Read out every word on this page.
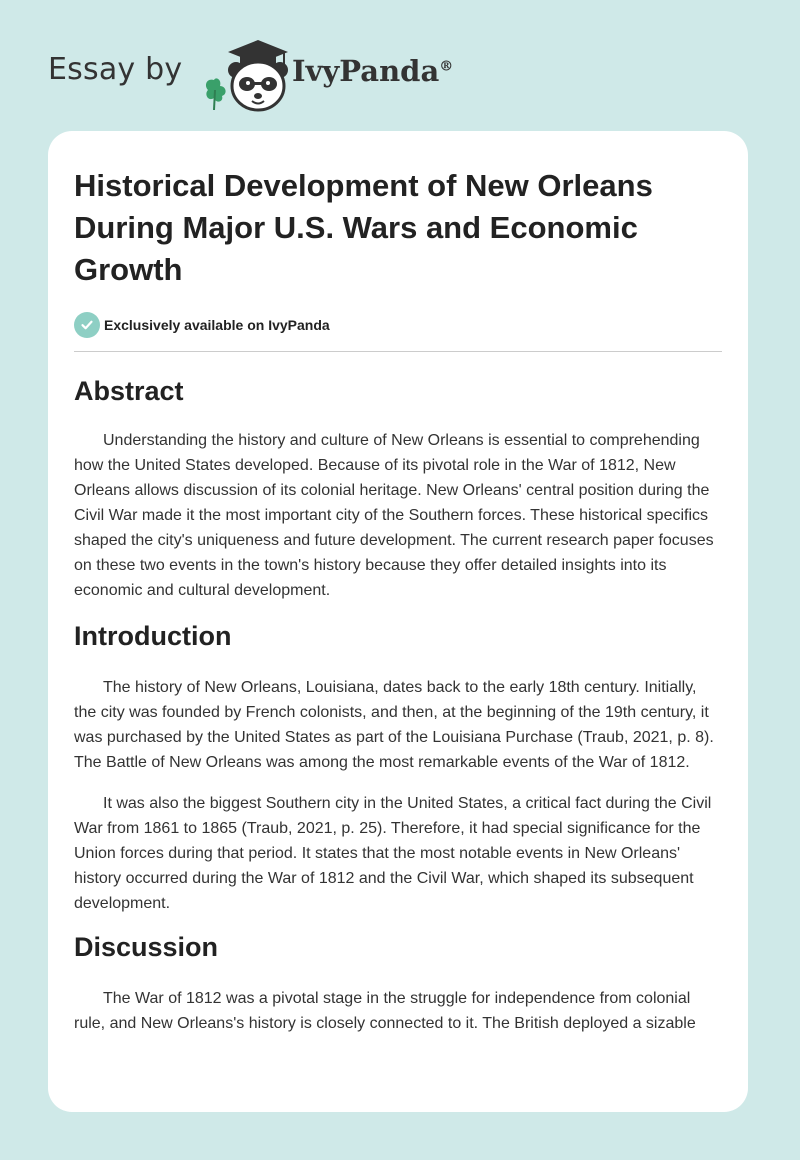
Essay by	IvyPanda®
Historical Development of New Orleans During Major U.S. Wars and Economic Growth
Exclusively available on IvyPanda
Abstract

Understanding the history and culture of New Orleans is essential to comprehending how the United States developed. Because of its pivotal role in the War of 1812, New Orleans allows discussion of its colonial heritage. New Orleans' central position during the Civil War made it the most important city of the Southern forces. These historical specifics shaped the city's uniqueness and future development. The current research paper focuses on these two events in the town's history because they offer detailed insights into its economic and cultural development.

Introduction

The history of New Orleans, Louisiana, dates back to the early 18th century. Initially, the city was founded by French colonists, and then, at the beginning of the 19th century, it was purchased by the United States as part of the Louisiana Purchase (Traub, 2021, p. 8). The Battle of New Orleans was among the most remarkable events of the War of 1812.

It was also the biggest Southern city in the United States, a critical fact during the Civil War from 1861 to 1865 (Traub, 2021, p. 25). Therefore, it had special significance for the Union forces during that period. It states that the most notable events in New Orleans' history occurred during the War of 1812 and the Civil War, which shaped its subsequent development.

Discussion

The War of 1812 was a pivotal stage in the struggle for independence from colonial rule, and New Orleans's history is closely connected to it. The British deployed a sizable
